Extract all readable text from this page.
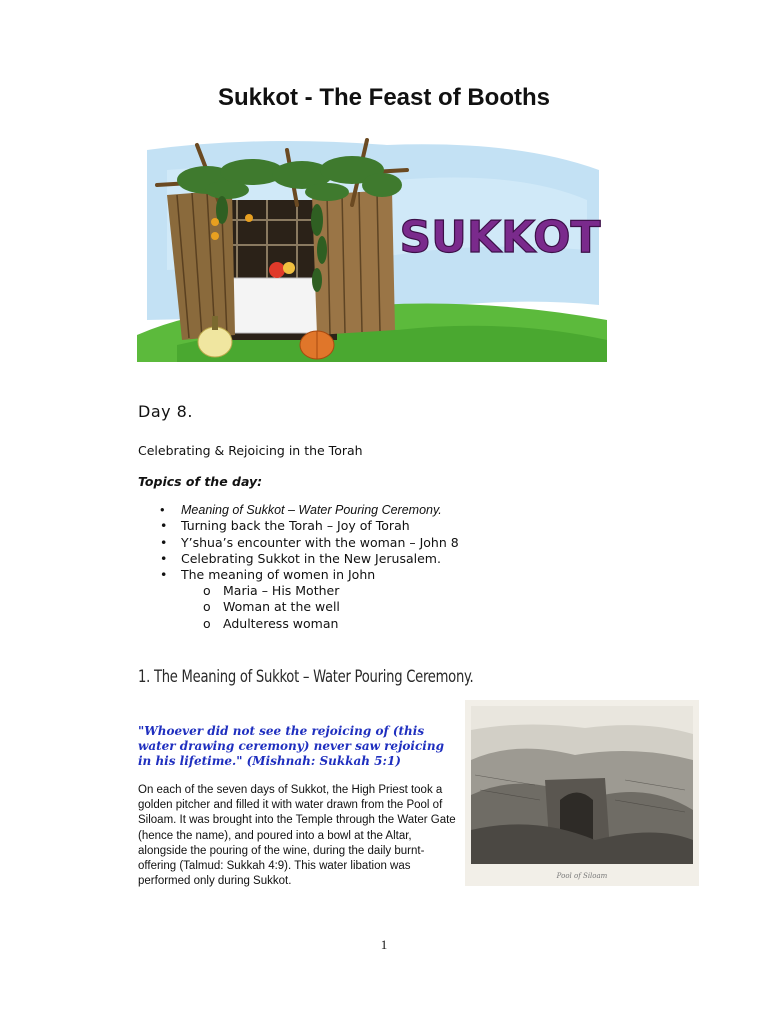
Sukkot - The Feast of Booths
SUKKOT
Day 8.
Celebrating & Rejoicing in the Torah
Topics of the day:
• Meaning of Sukkot – Water Pouring Ceremony.
• Turning back the Torah – Joy of Torah
• Y’shua’s encounter with the woman – John 8
• Celebrating Sukkot in the New Jerusalem.
• The meaning of women in John
o Maria – His Mother
o Woman at the well
o Adulteress woman
1. The Meaning of Sukkot – Water Pouring Ceremony.
"Whoever did not see the rejoicing of (this water drawing ceremony) never saw rejoicing in his lifetime." (Mishnah: Sukkah 5:1)
On each of the seven days of Sukkot, the High Priest took a golden pitcher and filled it with water drawn from the Pool of Siloam. It was brought into the Temple through the Water Gate (hence the name), and poured into a bowl at the Altar, alongside the pouring of the wine, during the daily burnt-offering (Talmud: Sukkah 4:9). This water libation was performed only during Sukkot.	Pool of Siloam
1
